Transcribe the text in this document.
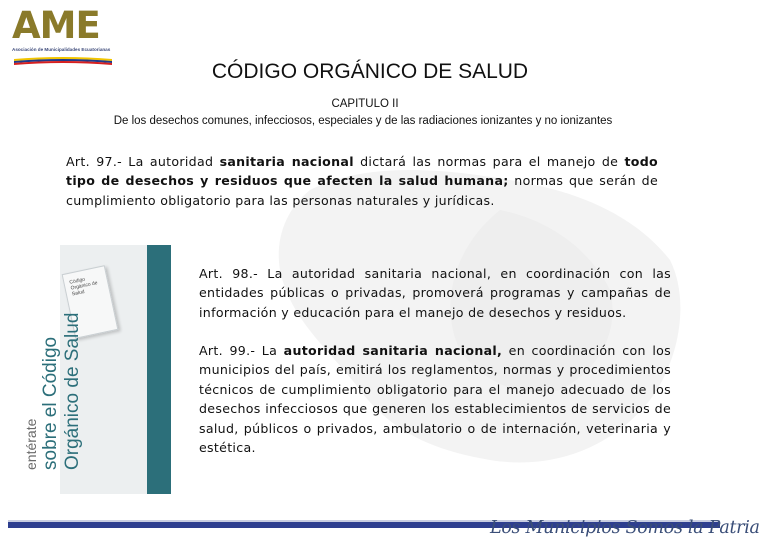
AME
Asociación de Municipalidades Ecuatorianas
CÓDIGO ORGÁNICO DE SALUD
CAPITULO II
De los desechos comunes, infecciosos, especiales y de las radiaciones ionizantes y no ionizantes

Art. 97.- La autoridad sanitaria nacional dictará las normas para el manejo de todo tipo de desechos y residuos que afecten la salud humana; normas que serán de cumplimiento obligatorio para las personas naturales y jurídicas.

Código Orgánico de Salud
entérate sobre el Código Orgánico de Salud

Art. 98.- La autoridad sanitaria nacional, en coordinación con las entidades públicas o privadas, promoverá programas y campañas de información y educación para el manejo de desechos y residuos.

Art. 99.- La autoridad sanitaria nacional, en coordinación con los municipios del país, emitirá los reglamentos, normas y procedimientos técnicos de cumplimiento obligatorio para el manejo adecuado de los desechos infecciosos que generen los establecimientos de servicios de salud, públicos o privados, ambulatorio o de internación, veterinaria y estética.

Los Municipios Somos la Patria
